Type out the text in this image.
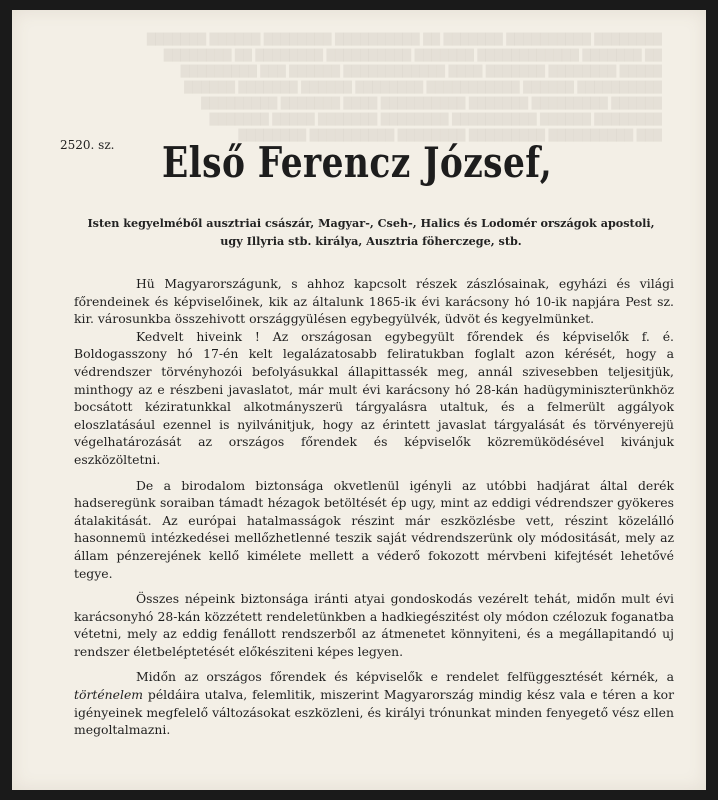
████████ ██████████ ███████ ██ ██████████ ████████ ██████ ███████
██ ███████ ████████████ ███████ ██████████ ████████ ██ ████████
█████ ████████ ███████ ████ ████████████ ██████ ███ █████████
██████████ ██████ ███████████ ████████ ██████ ███████ ██████
██████ █████████ ███████ ██████████ ████ ███████ █████████
████████ ██████ ██████████ ████████ ███████ █████ ███████
███ ██████████ █████████ ████████ ██████████ ████████
2520. sz. Első Ferencz József,
Isten kegyelméből ausztriai császár, Magyar-, Cseh-, Halics és Lodomér országok apostoli, ugy Illyria stb. királya, Ausztria föherczege, stb.

Hü Magyarországunk, s ahhoz kapcsolt részek zászlósainak, egyházi és világi főrendeinek és képviselőinek, kik az általunk 1865-ik évi karácsony hó 10-ik napjára Pest sz. kir. városunkba összehivott országgyülésen egybegyülvék, üdvöt és kegyelmünket.

Kedvelt hiveink ! Az országosan egybegyült főrendek és képviselők f. é. Boldogasszony hó 17-én kelt legalázatosabb feliratukban foglalt azon kérését, hogy a védrendszer törvényhozói befolyásukkal állapittassék meg, annál szivesebben teljesitjük, minthogy az e részbeni javaslatot, már mult évi karácsony hó 28-kán hadügyminiszterünkhöz bocsátott kéziratunkkal alkotmányszerü tárgyalásra utaltuk, és a felmerült aggályok eloszlatásául ezennel is nyilvánitjuk, hogy az érintett javaslat tárgyalását és törvényerejü végelhatározását az országos főrendek és képviselők közremüködésével kivánjuk eszközöltetni.

De a birodalom biztonsága okvetlenül igényli az utóbbi hadjárat által derék hadseregünk soraiban támadt hézagok betöltését ép ugy, mint az eddigi védrendszer gyökeres átalakitását. Az európai hatalmasságok részint már eszközlésbe vett, részint közelálló hasonnemü intézkedései mellőzhetlenné teszik saját védrendszerünk oly módositását, mely az állam pénzerejének kellő kimélete mellett a véderő fokozott mérvbeni kifejtését lehetővé tegye.

Összes népeink biztonsága iránti atyai gondoskodás vezérelt tehát, midőn mult évi karácsonyhó 28-kán közzétett rendeletünkben a hadkiegészitést oly módon czélozuk foganatba vétetni, mely az eddig fenállott rendszerből az átmenetet könnyiteni, és a megállapitandó uj rendszer életbeléptetését előkésziteni képes legyen.

Midőn az országos főrendek és képviselők e rendelet felfüggesztését kérnék, a történelem példáira utalva, felemlitik, miszerint Magyarország mindig kész vala e téren a kor igényeinek megfelelő változásokat eszközleni, és királyi trónunkat minden fenyegető vész ellen megoltalmazni.
